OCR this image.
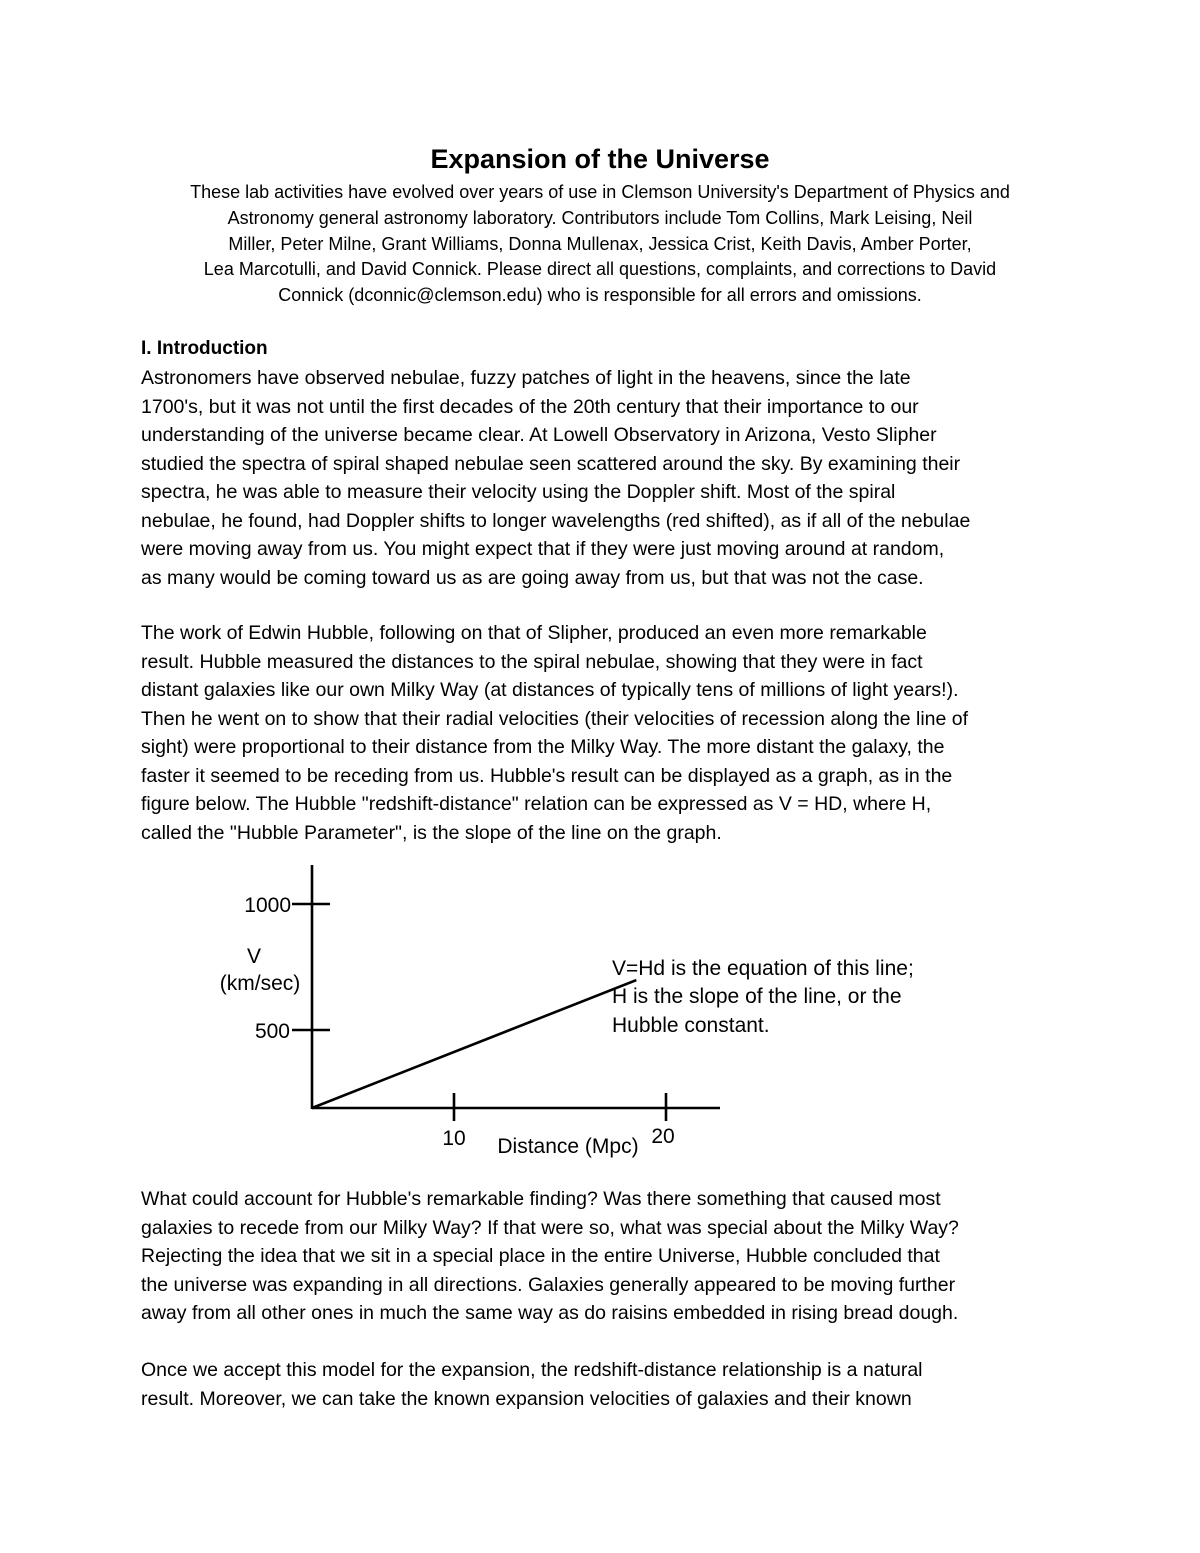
Expansion of the Universe
These lab activities have evolved over years of use in Clemson University's Department of Physics and
Astronomy general astronomy laboratory. Contributors include Tom Collins, Mark Leising, Neil
Miller, Peter Milne, Grant Williams, Donna Mullenax, Jessica Crist, Keith Davis, Amber Porter,
Lea Marcotulli, and David Connick. Please direct all questions, complaints, and corrections to David
Connick (dconnic@clemson.edu) who is responsible for all errors and omissions.
I. Introduction
Astronomers have observed nebulae, fuzzy patches of light in the heavens, since the late
1700's, but it was not until the first decades of the 20th century that their importance to our
understanding of the universe became clear. At Lowell Observatory in Arizona, Vesto Slipher
studied the spectra of spiral shaped nebulae seen scattered around the sky. By examining their
spectra, he was able to measure their velocity using the Doppler shift. Most of the spiral
nebulae, he found, had Doppler shifts to longer wavelengths (red shifted), as if all of the nebulae
were moving away from us. You might expect that if they were just moving around at random,
as many would be coming toward us as are going away from us, but that was not the case.
The work of Edwin Hubble, following on that of Slipher, produced an even more remarkable
result. Hubble measured the distances to the spiral nebulae, showing that they were in fact
distant galaxies like our own Milky Way (at distances of typically tens of millions of light years!).
Then he went on to show that their radial velocities (their velocities of recession along the line of
sight) were proportional to their distance from the Milky Way. The more distant the galaxy, the
faster it seemed to be receding from us. Hubble's result can be displayed as a graph, as in the
figure below. The Hubble "redshift-distance" relation can be expressed as V = HD, where H,
called the "Hubble Parameter", is the slope of the line on the graph.
1000
500
V
(km/sec)
10	20
Distance (Mpc)
V=Hd is the equation of this line;
H is the slope of the line, or the
Hubble constant.
What could account for Hubble's remarkable finding? Was there something that caused most
galaxies to recede from our Milky Way? If that were so, what was special about the Milky Way?
Rejecting the idea that we sit in a special place in the entire Universe, Hubble concluded that
the universe was expanding in all directions. Galaxies generally appeared to be moving further
away from all other ones in much the same way as do raisins embedded in rising bread dough.
Once we accept this model for the expansion, the redshift-distance relationship is a natural
result. Moreover, we can take the known expansion velocities of galaxies and their known
